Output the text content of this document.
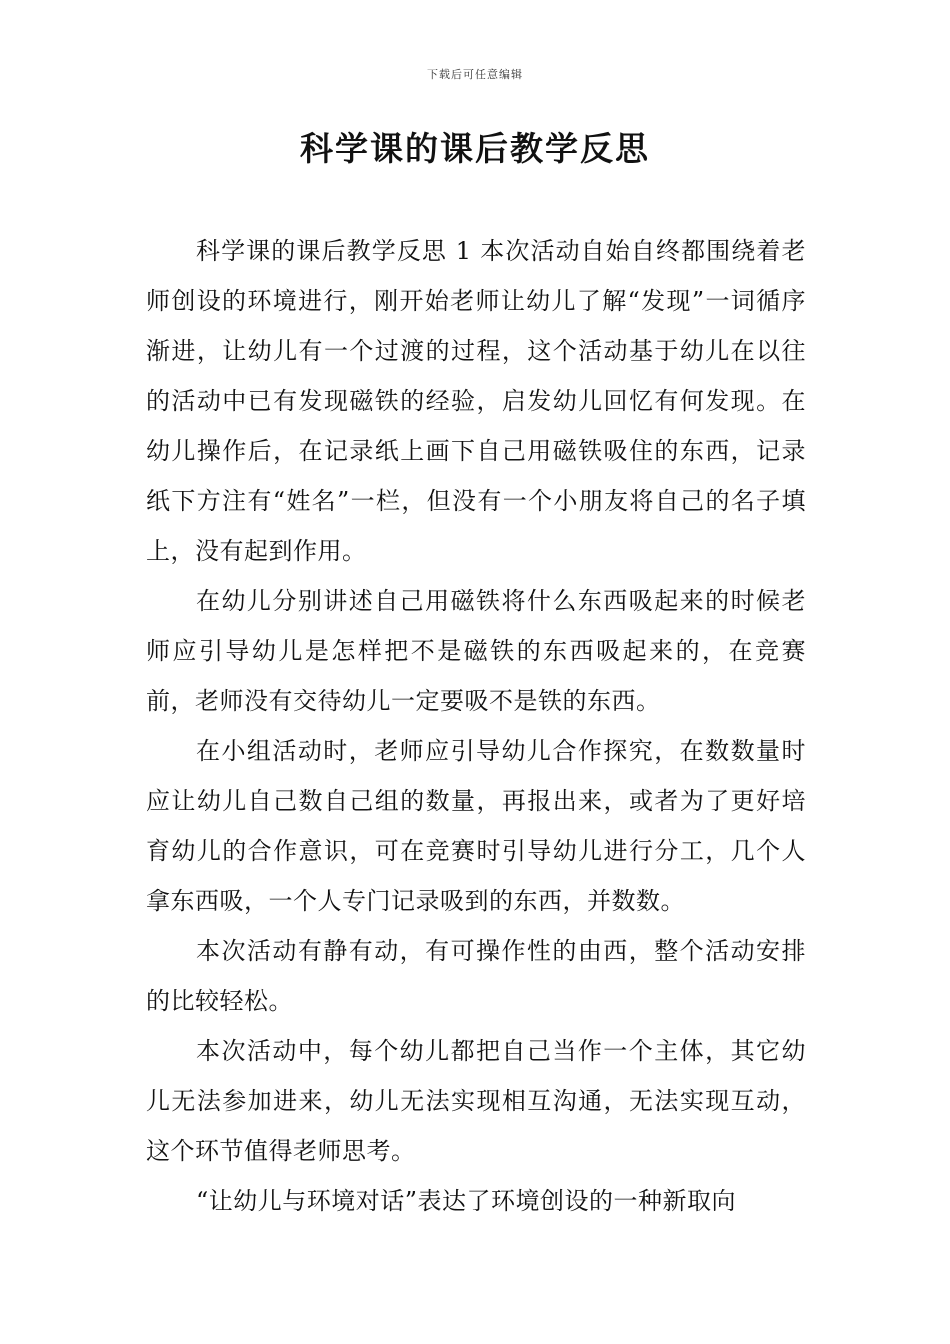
下载后可任意编辑
科学课的课后教学反思

科学课的课后教学反思 1 本次活动自始自终都围绕着老师创设的环境进行，刚开始老师让幼儿了解“发现”一词循序渐进，让幼儿有一个过渡的过程，这个活动基于幼儿在以往的活动中已有发现磁铁的经验，启发幼儿回忆有何发现。在幼儿操作后，在记录纸上画下自己用磁铁吸住的东西，记录纸下方注有“姓名”一栏，但没有一个小朋友将自己的名子填上，没有起到作用。

在幼儿分别讲述自己用磁铁将什么东西吸起来的时候老师应引导幼儿是怎样把不是磁铁的东西吸起来的，在竞赛前，老师没有交待幼儿一定要吸不是铁的东西。

在小组活动时，老师应引导幼儿合作探究，在数数量时应让幼儿自己数自己组的数量，再报出来，或者为了更好培育幼儿的合作意识，可在竞赛时引导幼儿进行分工，几个人拿东西吸，一个人专门记录吸到的东西，并数数。

本次活动有静有动，有可操作性的由西，整个活动安排的比较轻松。

本次活动中，每个幼儿都把自己当作一个主体，其它幼儿无法参加进来，幼儿无法实现相互沟通，无法实现互动，这个环节值得老师思考。

“让幼儿与环境对话”表达了环境创设的一种新取向
